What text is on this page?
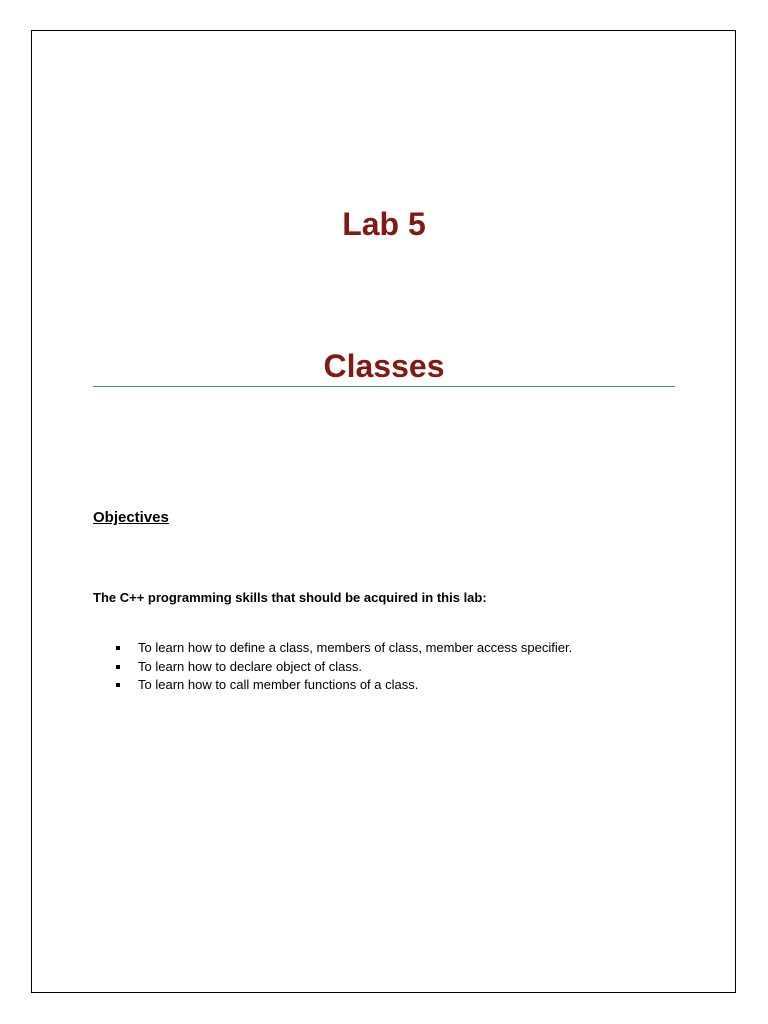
Lab 5
Classes
Objectives
The C++ programming skills that should be acquired in this lab:
To learn how to define a class, members of class, member access specifier.
To learn how to declare object of class.
To learn how to call member functions of a class.
